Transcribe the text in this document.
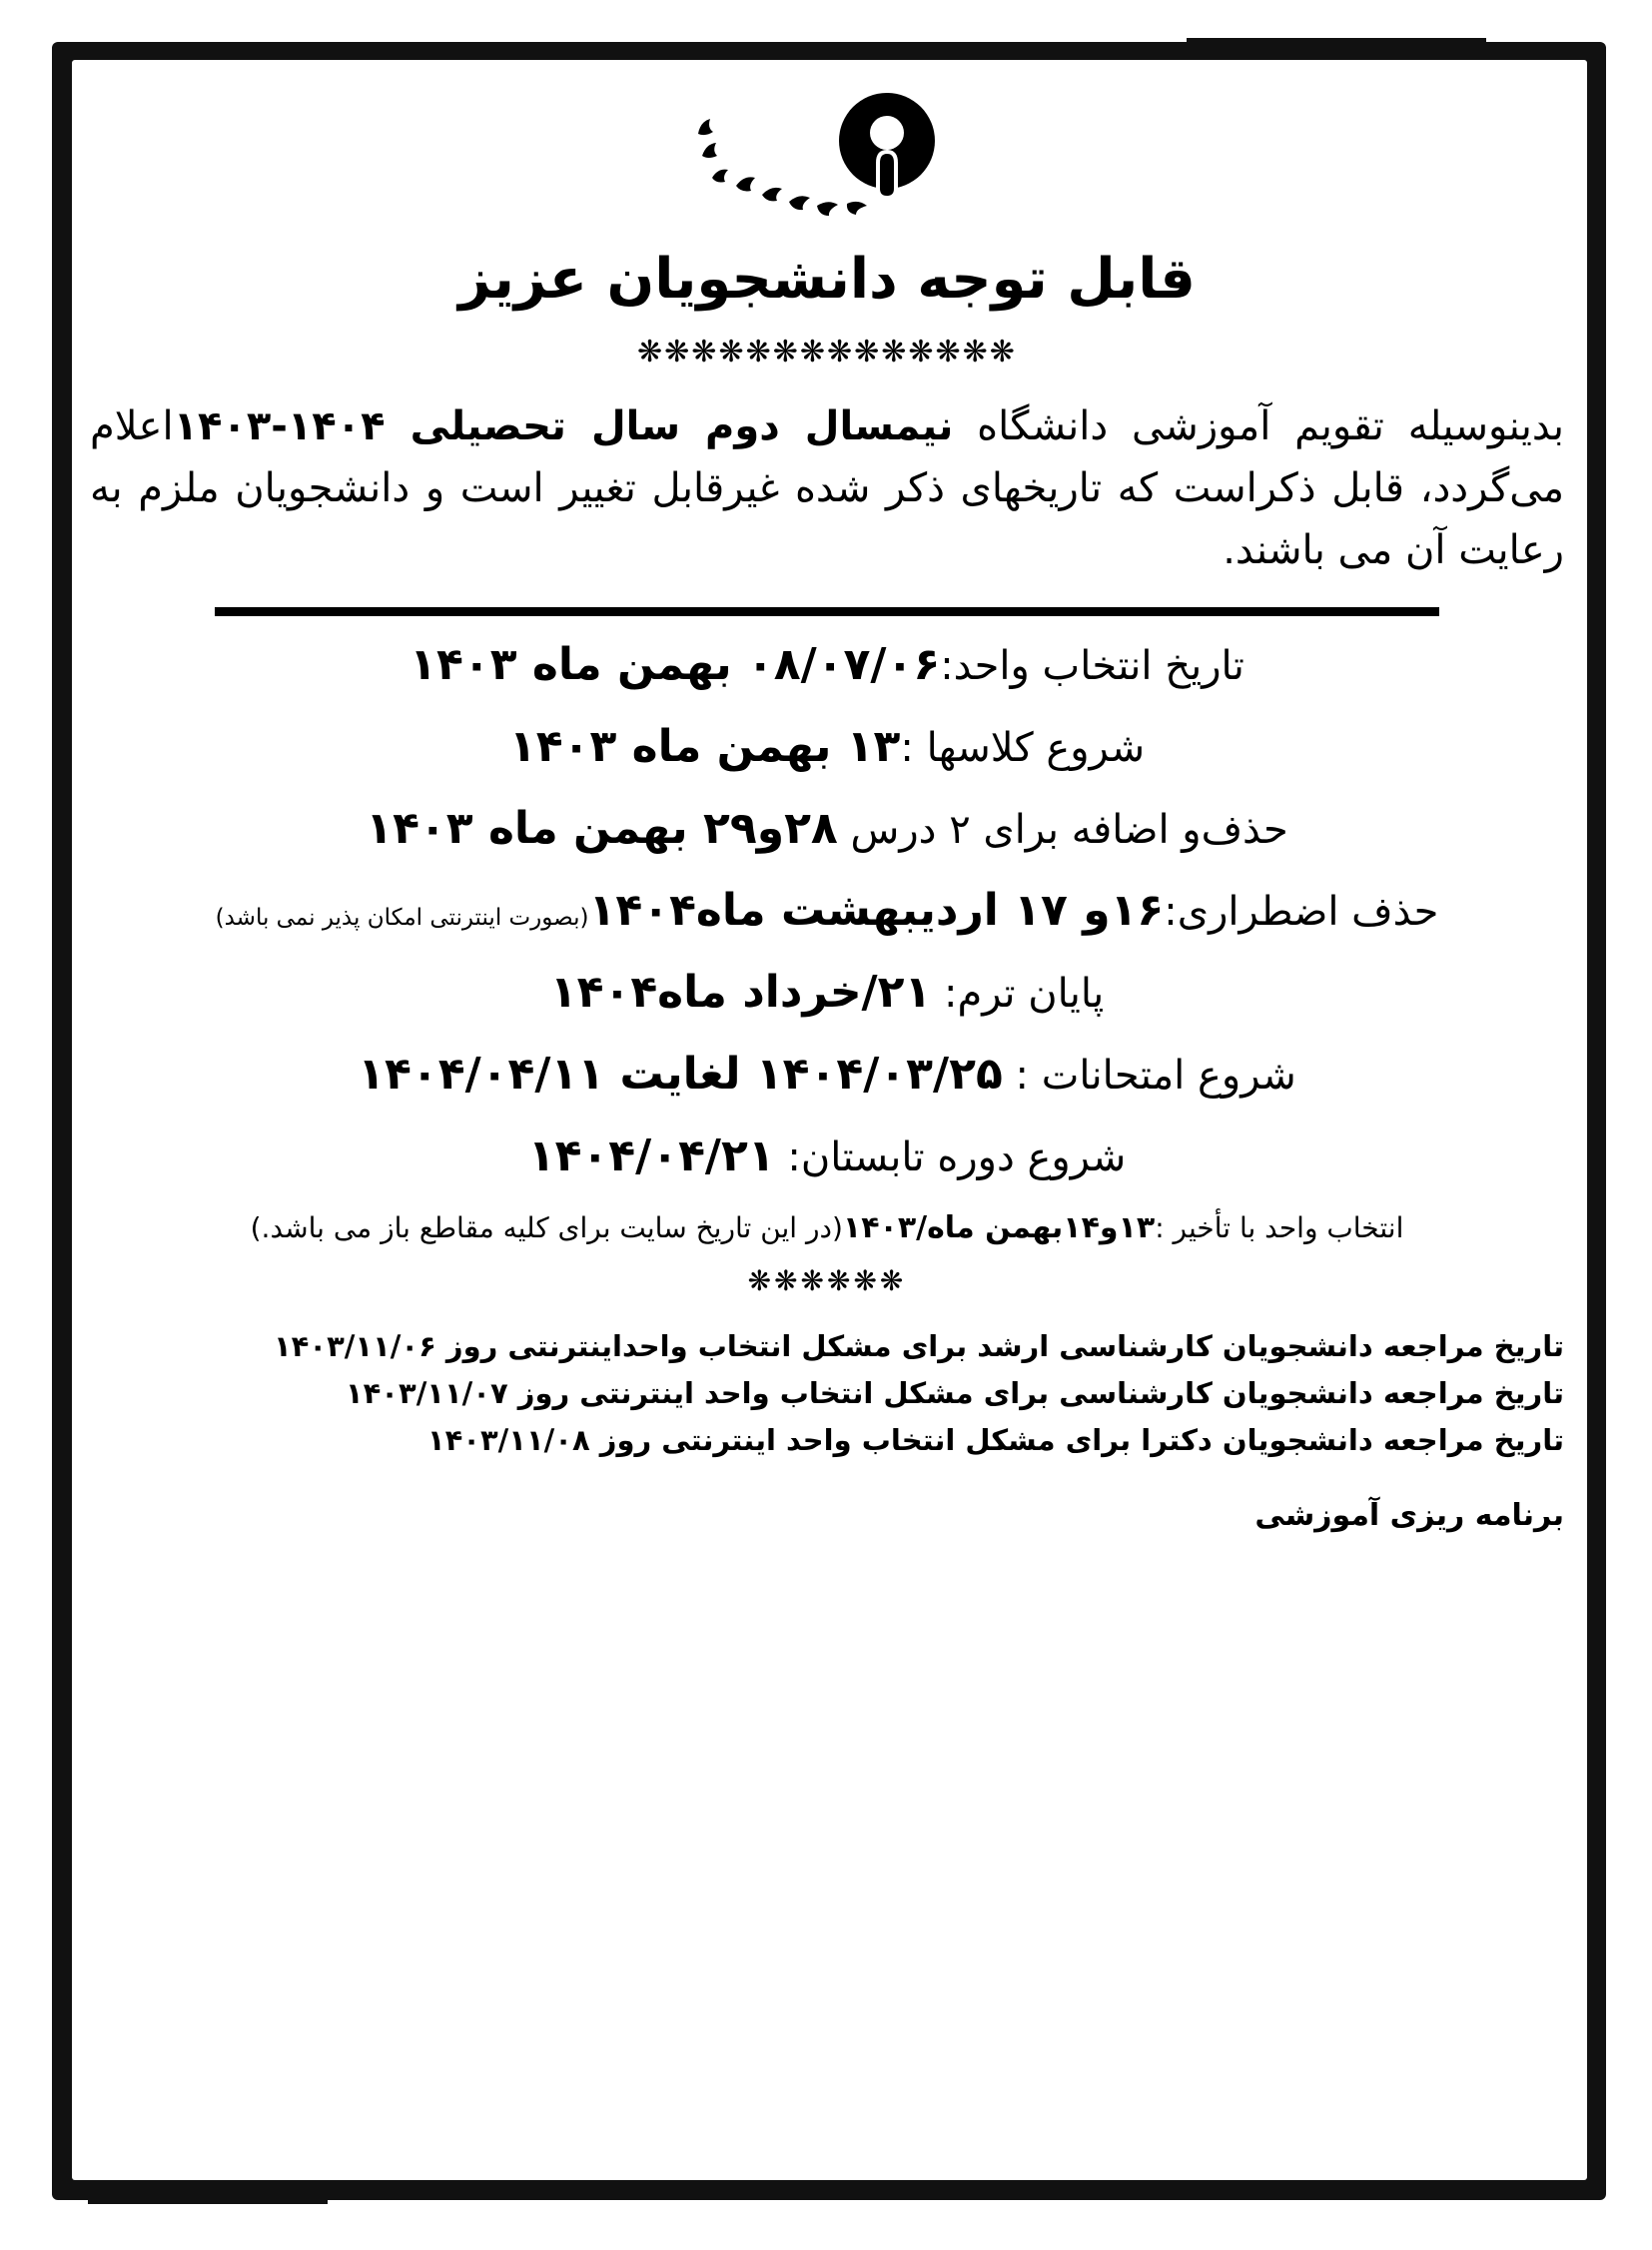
قابل توجه دانشجویان عزیز
❋❋❋❋❋❋❋❋❋❋❋❋❋❋
بدینوسیله تقویم آموزشی دانشگاه نیمسال دوم سال تحصیلی ۱۴۰۴-۱۴۰۳اعلام می‌گردد، قابل ذکراست که تاریخهای ذکر شده غیرقابل تغییر است و دانشجویان ملزم به رعایت آن می باشند.
تاریخ انتخاب واحد:۰۸/۰۷/۰۶ بهمن ماه ۱۴۰۳
شروع کلاسها :۱۳ بهمن ماه ۱۴۰۳
حذف‌و اضافه برای ۲ درس ۲۸و۲۹ بهمن ماه ۱۴۰۳
حذف اضطراری:۱۶و ۱۷ اردیبهشت ماه۱۴۰۴(بصورت اینترنتی امکان پذیر نمی باشد)
پایان ترم: ۲۱/خرداد ماه۱۴۰۴
شروع امتحانات : ۱۴۰۴/۰۳/۲۵ لغایت ۱۴۰۴/۰۴/۱۱
شروع دوره تابستان: ۱۴۰۴/۰۴/۲۱
انتخاب واحد با تأخیر :۱۳و۱۴بهمن ماه/۱۴۰۳(در این تاریخ سایت برای کلیه مقاطع باز می باشد.)
❋❋❋❋❋❋
تاریخ مراجعه دانشجویان کارشناسی ارشد برای مشکل انتخاب واحداینترنتی روز ۱۴۰۳/۱۱/۰۶
تاریخ مراجعه دانشجویان کارشناسی برای مشکل انتخاب واحد اینترنتی روز ۱۴۰۳/۱۱/۰۷
تاریخ مراجعه دانشجویان دکترا برای مشکل انتخاب واحد اینترنتی روز ۱۴۰۳/۱۱/۰۸
برنامه ریزی آموزشی
